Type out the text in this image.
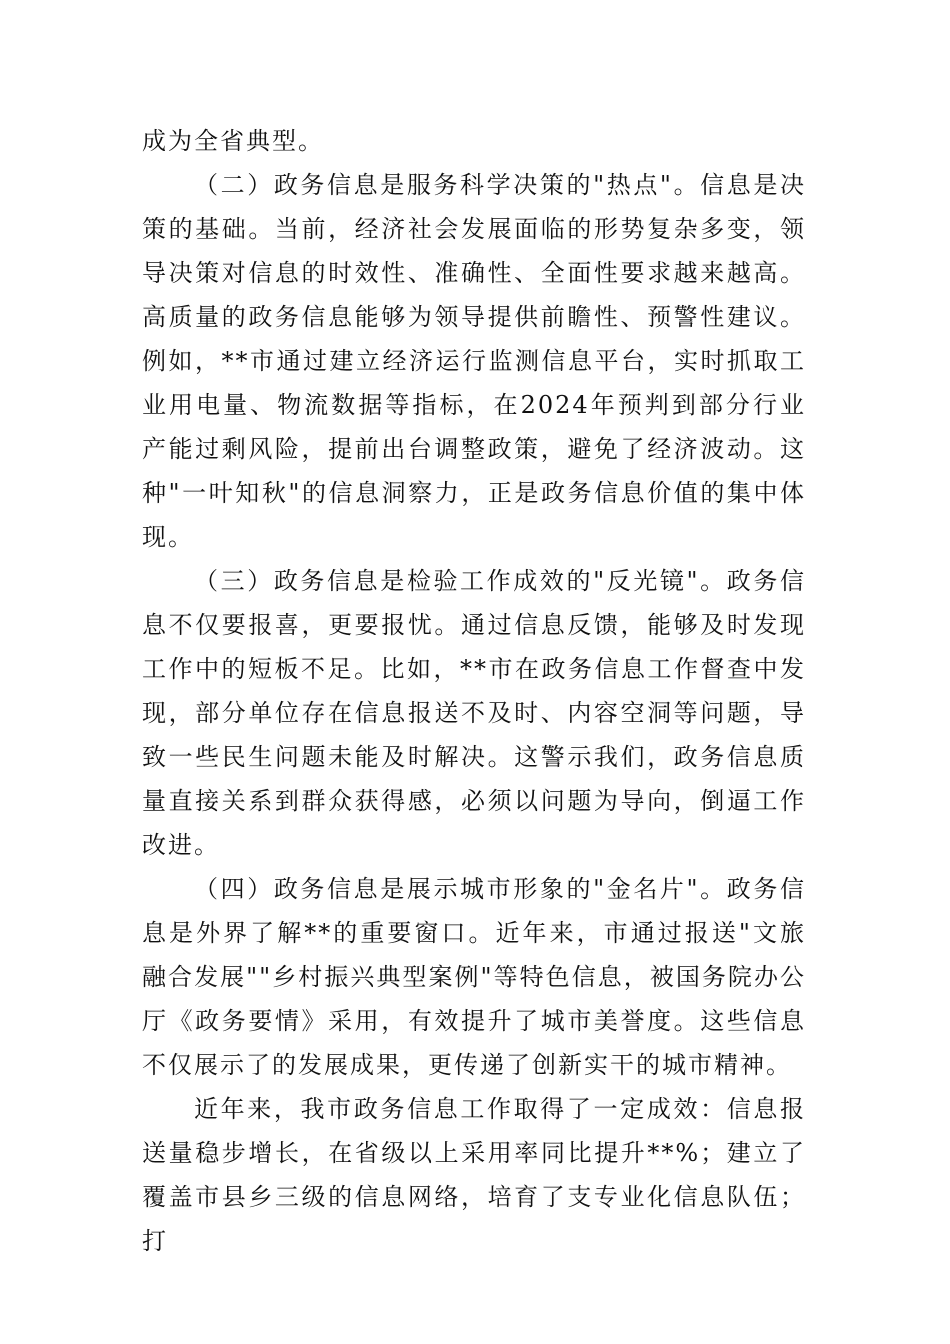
成为全省典型。

（二）政务信息是服务科学决策的"热点"。信息是决策的基础。当前，经济社会发展面临的形势复杂多变，领导决策对信息的时效性、准确性、全面性要求越来越高。高质量的政务信息能够为领导提供前瞻性、预警性建议。例如，**市通过建立经济运行监测信息平台，实时抓取工业用电量、物流数据等指标，在2024年预判到部分行业产能过剩风险，提前出台调整政策，避免了经济波动。这种"一叶知秋"的信息洞察力，正是政务信息价值的集中体现。

（三）政务信息是检验工作成效的"反光镜"。政务信息不仅要报喜，更要报忧。通过信息反馈，能够及时发现工作中的短板不足。比如，**市在政务信息工作督查中发现，部分单位存在信息报送不及时、内容空洞等问题，导致一些民生问题未能及时解决。这警示我们，政务信息质量直接关系到群众获得感，必须以问题为导向，倒逼工作改进。

（四）政务信息是展示城市形象的"金名片"。政务信息是外界了解**的重要窗口。近年来，市通过报送"文旅融合发展""乡村振兴典型案例"等特色信息，被国务院办公厅《政务要情》采用，有效提升了城市美誉度。这些信息不仅展示了的发展成果，更传递了创新实干的城市精神。

近年来，我市政务信息工作取得了一定成效：信息报送量稳步增长，在省级以上采用率同比提升**%；建立了覆盖市县乡三级的信息网络，培育了支专业化信息队伍；打
